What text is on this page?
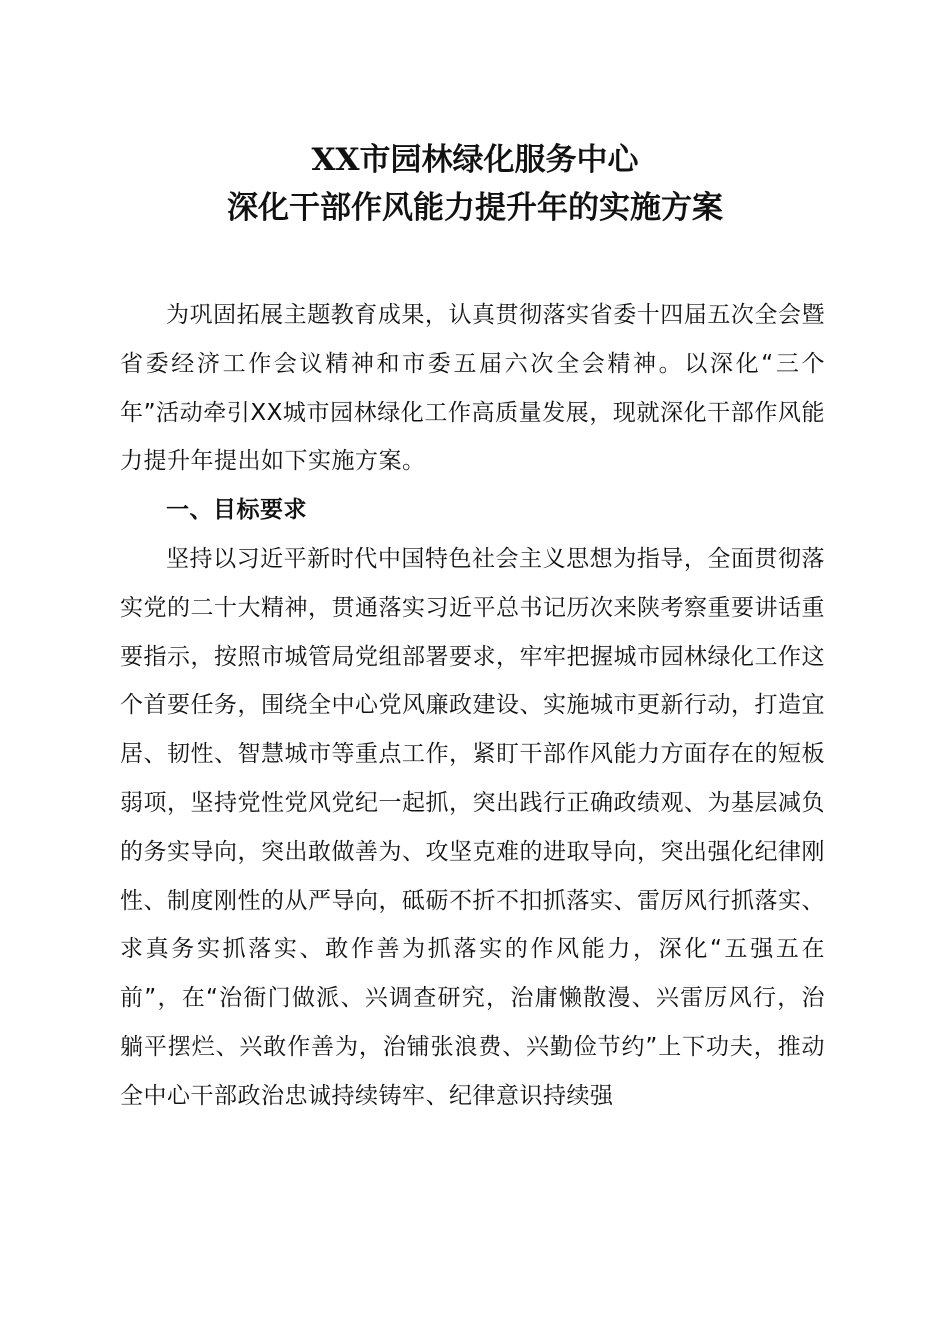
XX市园林绿化服务中心
深化干部作风能力提升年的实施方案

为巩固拓展主题教育成果，认真贯彻落实省委十四届五次全会暨省委经济工作会议精神和市委五届六次全会精神。以深化“三个年”活动牵引XX城市园林绿化工作高质量发展，现就深化干部作风能力提升年提出如下实施方案。

一、目标要求

坚持以习近平新时代中国特色社会主义思想为指导，全面贯彻落实党的二十大精神，贯通落实习近平总书记历次来陕考察重要讲话重要指示，按照市城管局党组部署要求，牢牢把握城市园林绿化工作这个首要任务，围绕全中心党风廉政建设、实施城市更新行动，打造宜居、韧性、智慧城市等重点工作，紧盯干部作风能力方面存在的短板弱项，坚持党性党风党纪一起抓，突出践行正确政绩观、为基层减负的务实导向，突出敢做善为、攻坚克难的进取导向，突出强化纪律刚性、制度刚性的从严导向，砥砺不折不扣抓落实、雷厉风行抓落实、求真务实抓落实、敢作善为抓落实的作风能力，深化“五强五在前”，在“治衙门做派、兴调查研究，治庸懒散漫、兴雷厉风行，治躺平摆烂、兴敢作善为，治铺张浪费、兴勤俭节约”上下功夫，推动全中心干部政治忠诚持续铸牢、纪律意识持续强
